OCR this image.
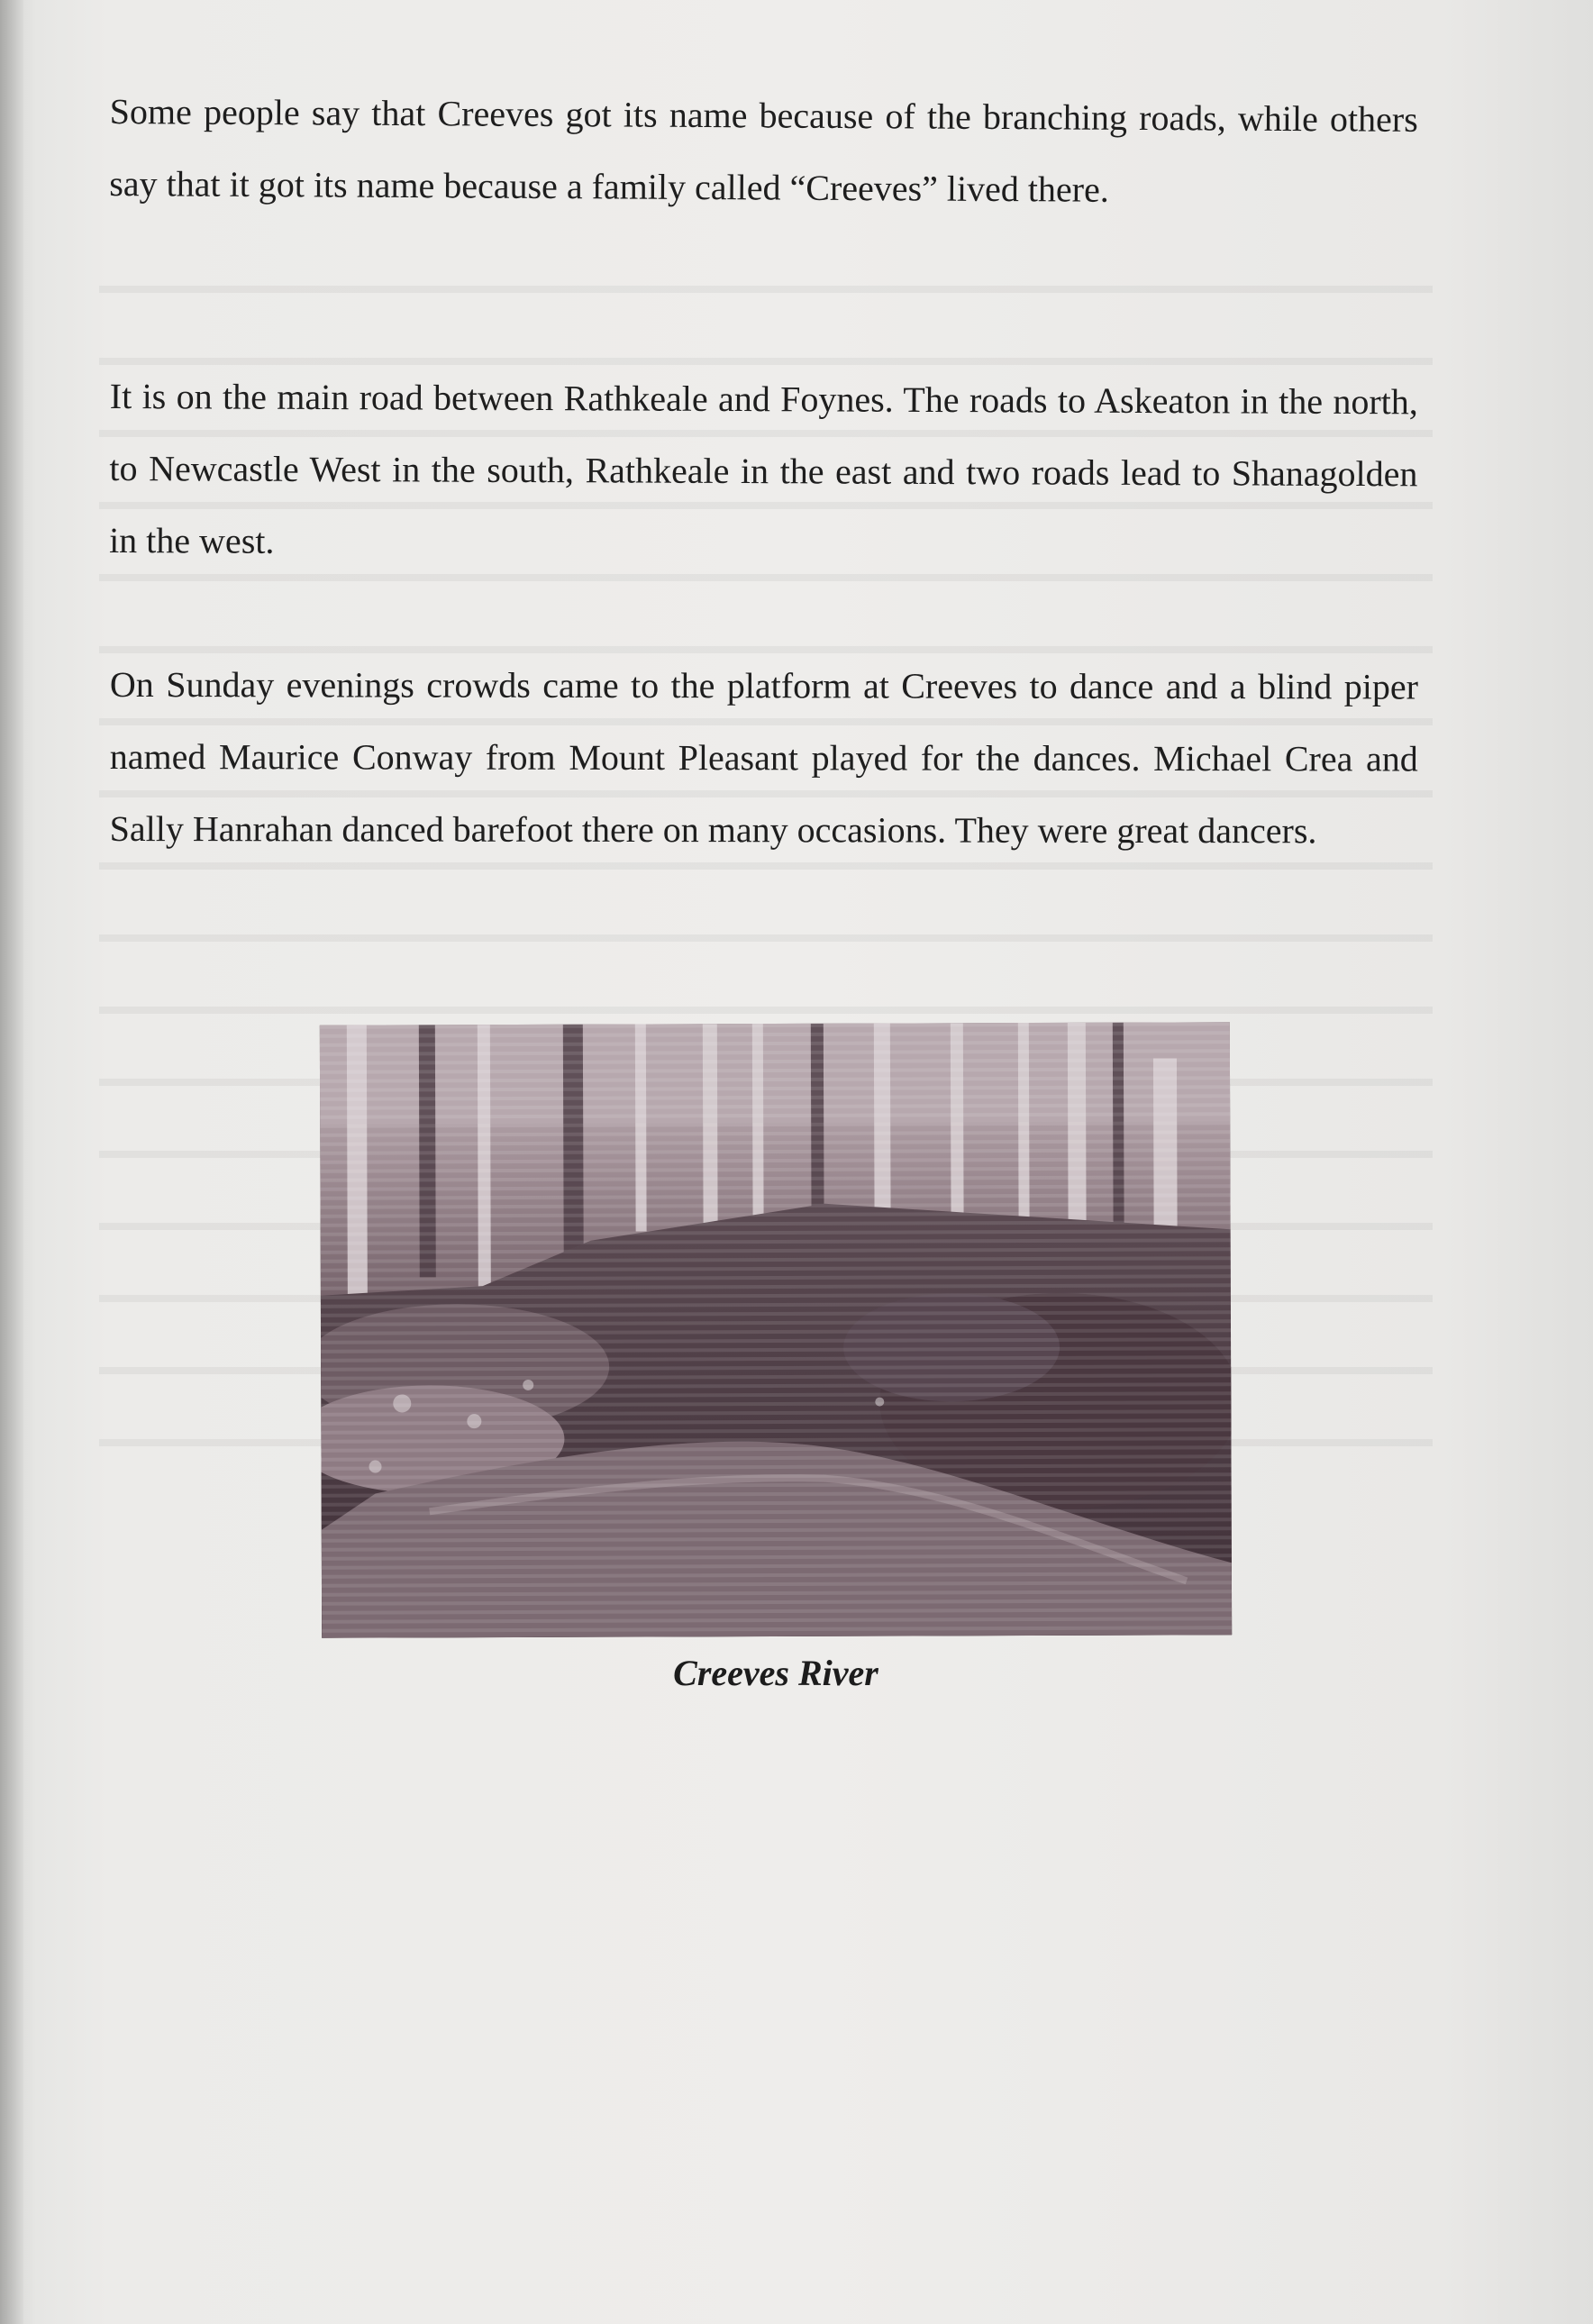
Some people say that Creeves got its name because of the branching roads, while others say that it got its name because a family called “Creeves” lived there.

It is on the main road between Rathkeale and Foynes. The roads to Askeaton in the north, to Newcastle West in the south, Rathkeale in the east and two roads lead to Shanagolden in the west.

On Sunday evenings crowds came to the platform at Creeves to dance and a blind piper named Maurice Conway from Mount Pleasant played for the dances. Michael Crea and Sally Hanrahan danced barefoot there on many occasions. They were great dancers.

Creeves River
